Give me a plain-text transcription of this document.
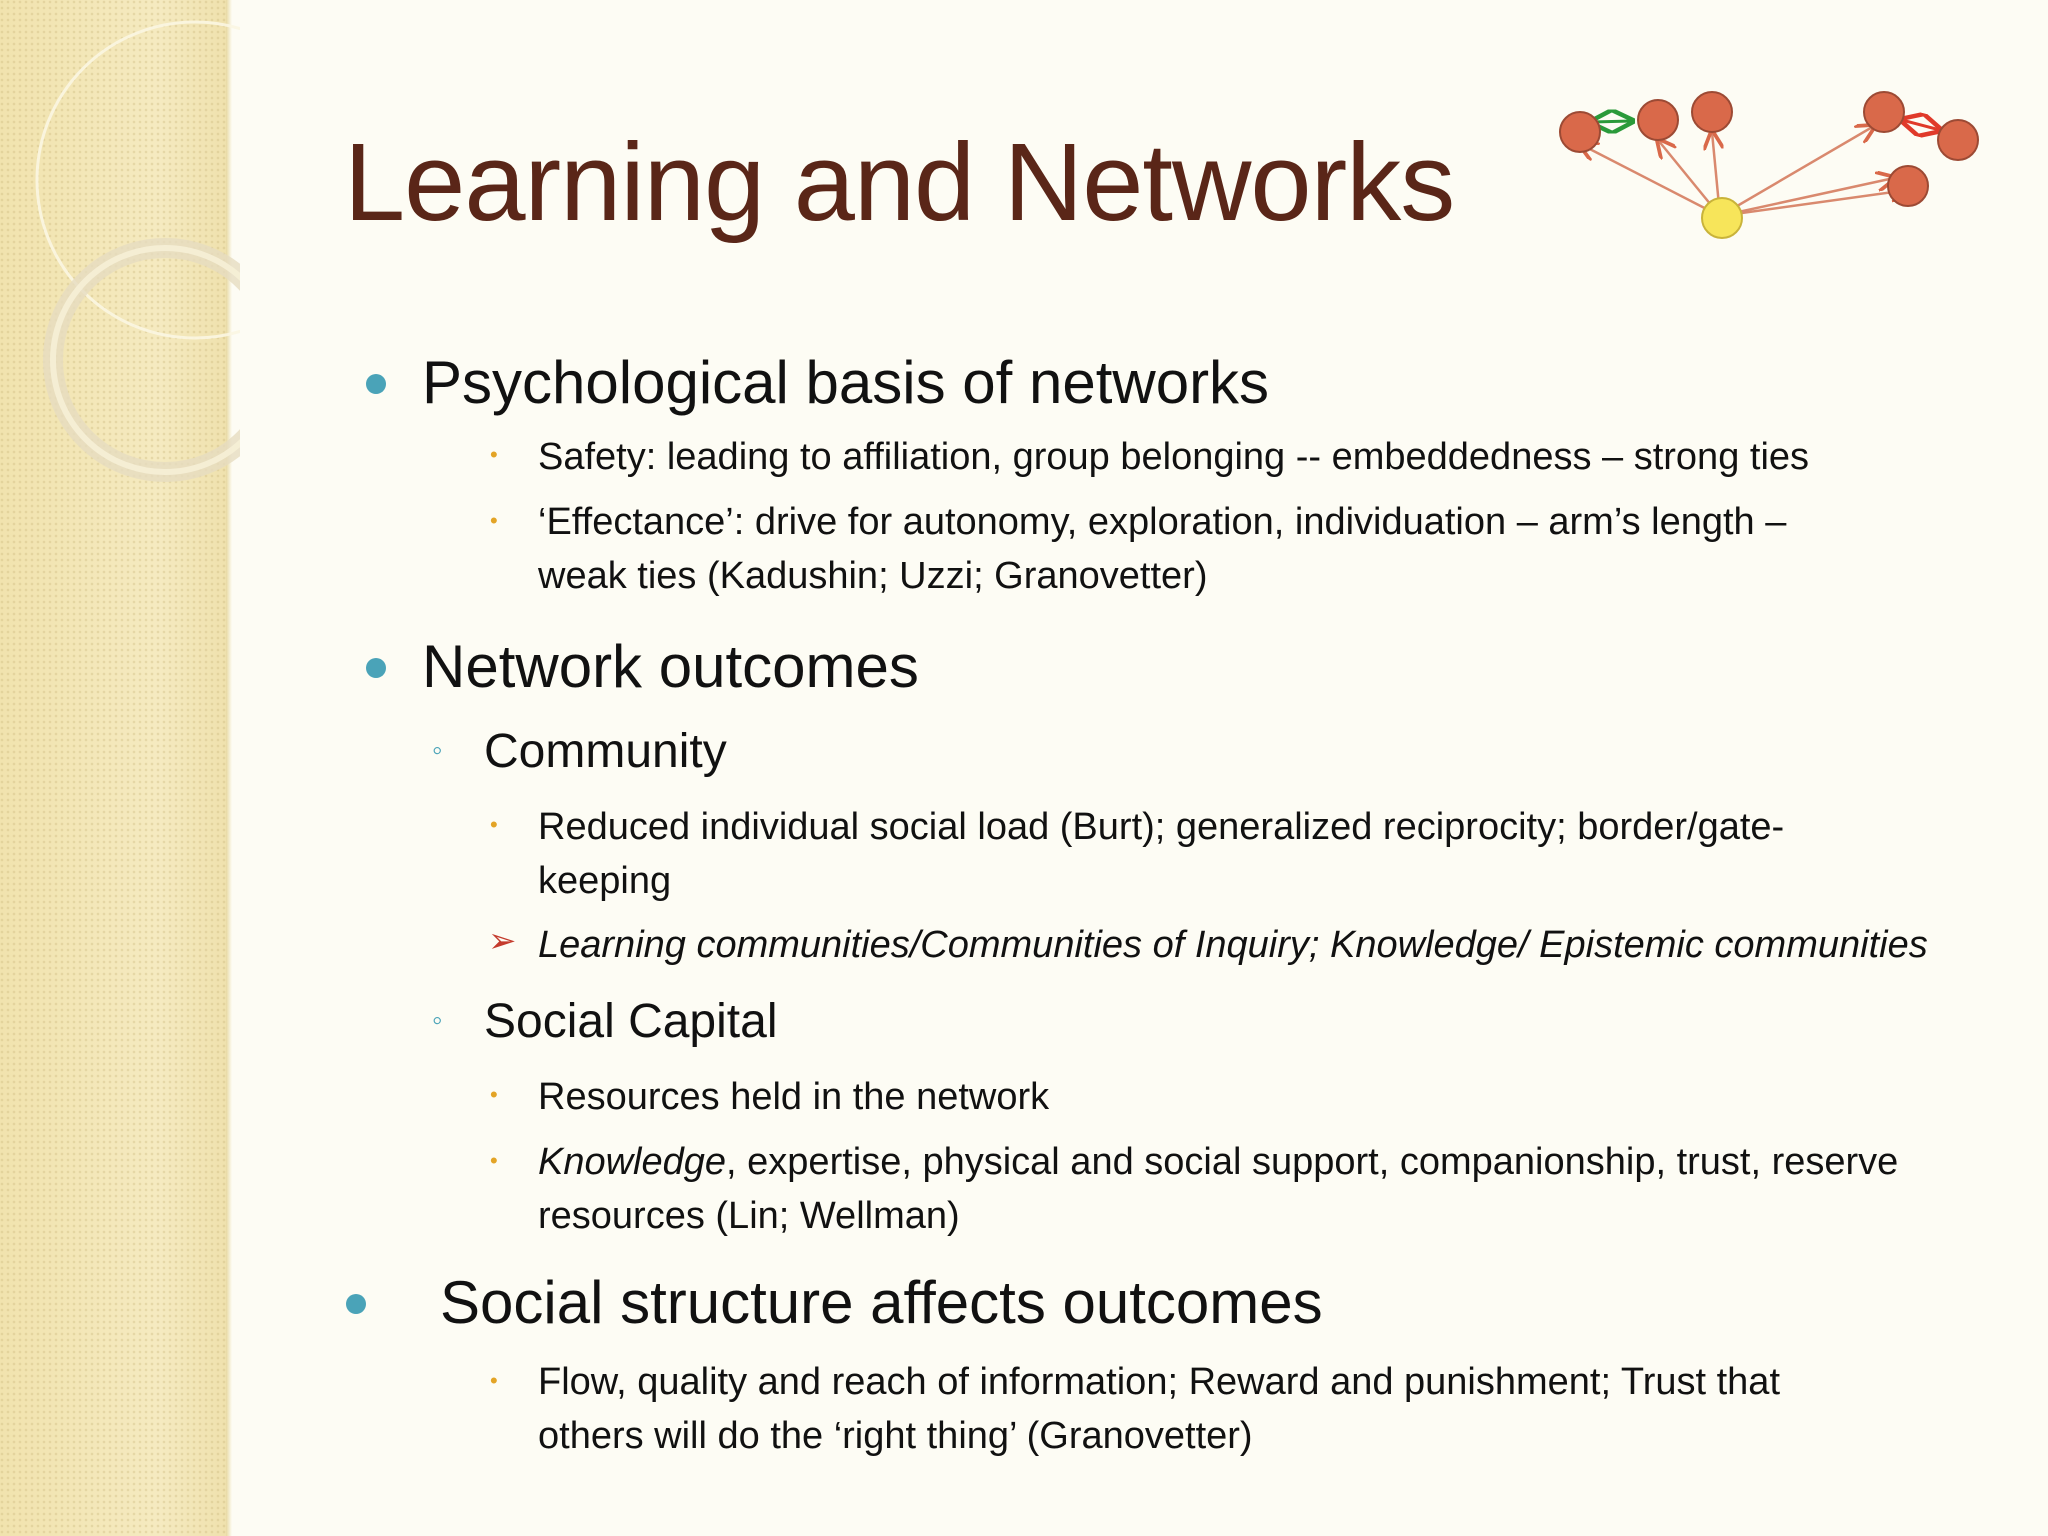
Learning and Networks
Psychological basis of networks
• Safety: leading to affiliation, group belonging -- embeddedness – strong ties
• ‘Effectance’: drive for autonomy, exploration, individuation – arm’s length –
weak ties (Kadushin; Uzzi; Granovetter)
Network outcomes
◦ Community
• Reduced individual social load (Burt); generalized reciprocity; border/gate-
keeping
➢ Learning communities/Communities of Inquiry; Knowledge/ Epistemic communities
◦ Social Capital
• Resources held in the network
• Knowledge, expertise, physical and social support, companionship, trust, reserve
resources (Lin; Wellman)
Social structure affects outcomes
• Flow, quality and reach of information; Reward and punishment; Trust that
others will do the ‘right thing’ (Granovetter)
